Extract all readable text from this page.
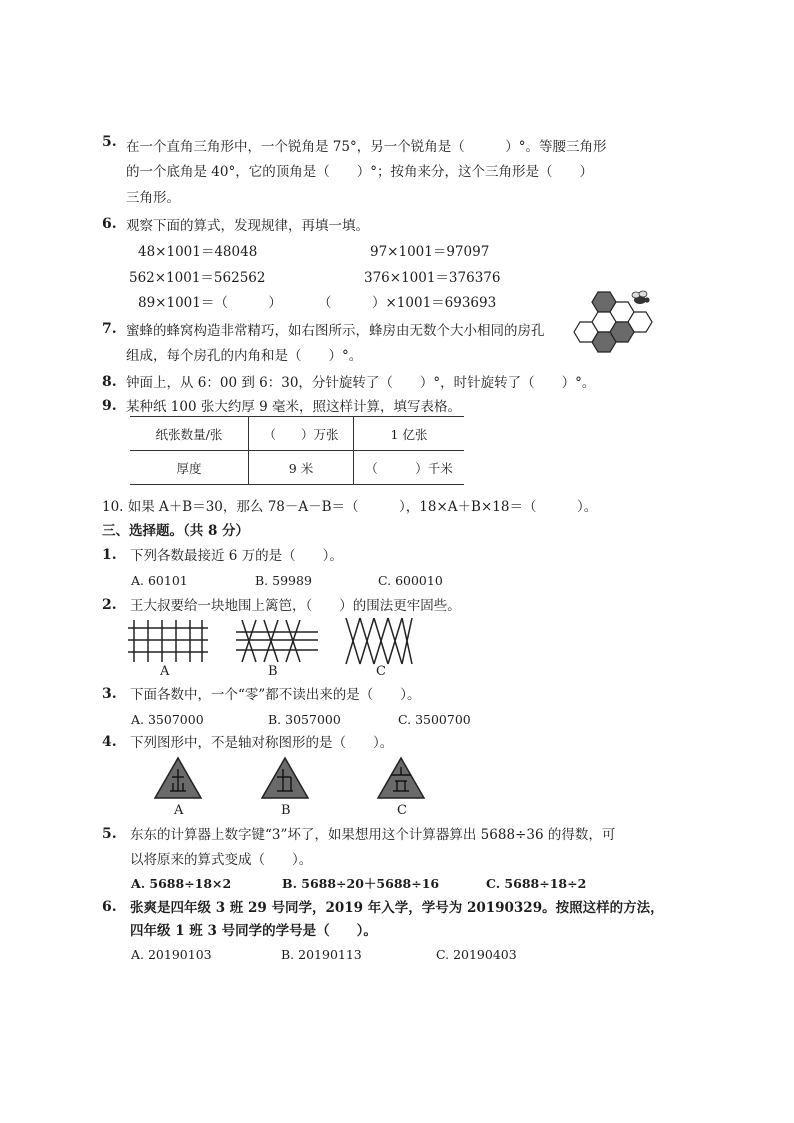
5. 在一个直角三角形中，一个锐角是 75°，另一个锐角是（　　　）°。等腰三角形
的一个底角是 40°，它的顶角是（　　）°；按角来分，这个三角形是（　　）
三角形。
6. 观察下面的算式，发现规律，再填一填。
48×1001＝48048	97×1001＝97097
562×1001＝562562	376×1001＝376376
89×1001＝（　　　）	（　　　）×1001＝693693
7. 蜜蜂的蜂窝构造非常精巧，如右图所示，蜂房由无数个大小相同的房孔
组成，每个房孔的内角和是（　　）°。
8. 钟面上，从 6：00 到 6：30，分针旋转了（　　）°，时针旋转了（　　）°。
9. 某种纸 100 张大约厚 9 毫米，照这样计算，填写表格。
纸张数量/张	（　　）万张	1 亿张
厚度	9 米	（　　　）千米
10. 如果 A＋B＝30，那么 78－A－B＝（　　　），18×A＋B×18＝（　　　）。
三、选择题。（共 8 分）
1. 下列各数最接近 6 万的是（　　）。
A. 60101	B. 59989	C. 600010
2. 王大叔要给一块地围上篱笆，（　　）的围法更牢固些。
A	B	C
3. 下面各数中，一个“零”都不读出来的是（　　）。
A. 3507000	B. 3057000	C. 3500700
4. 下列图形中，不是轴对称图形的是（　　）。
A	B	C
5. 东东的计算器上数字键“3”坏了，如果想用这个计算器算出 5688÷36 的得数，可
以将原来的算式变成（　　）。
A. 5688÷18×2	B. 5688÷20＋5688÷16	C. 5688÷18÷2
6. 张爽是四年级 3 班 29 号同学，2019 年入学，学号为 20190329。按照这样的方法，
四年级 1 班 3 号同学的学号是（　　）。
A. 20190103	B. 20190113	C. 20190403
